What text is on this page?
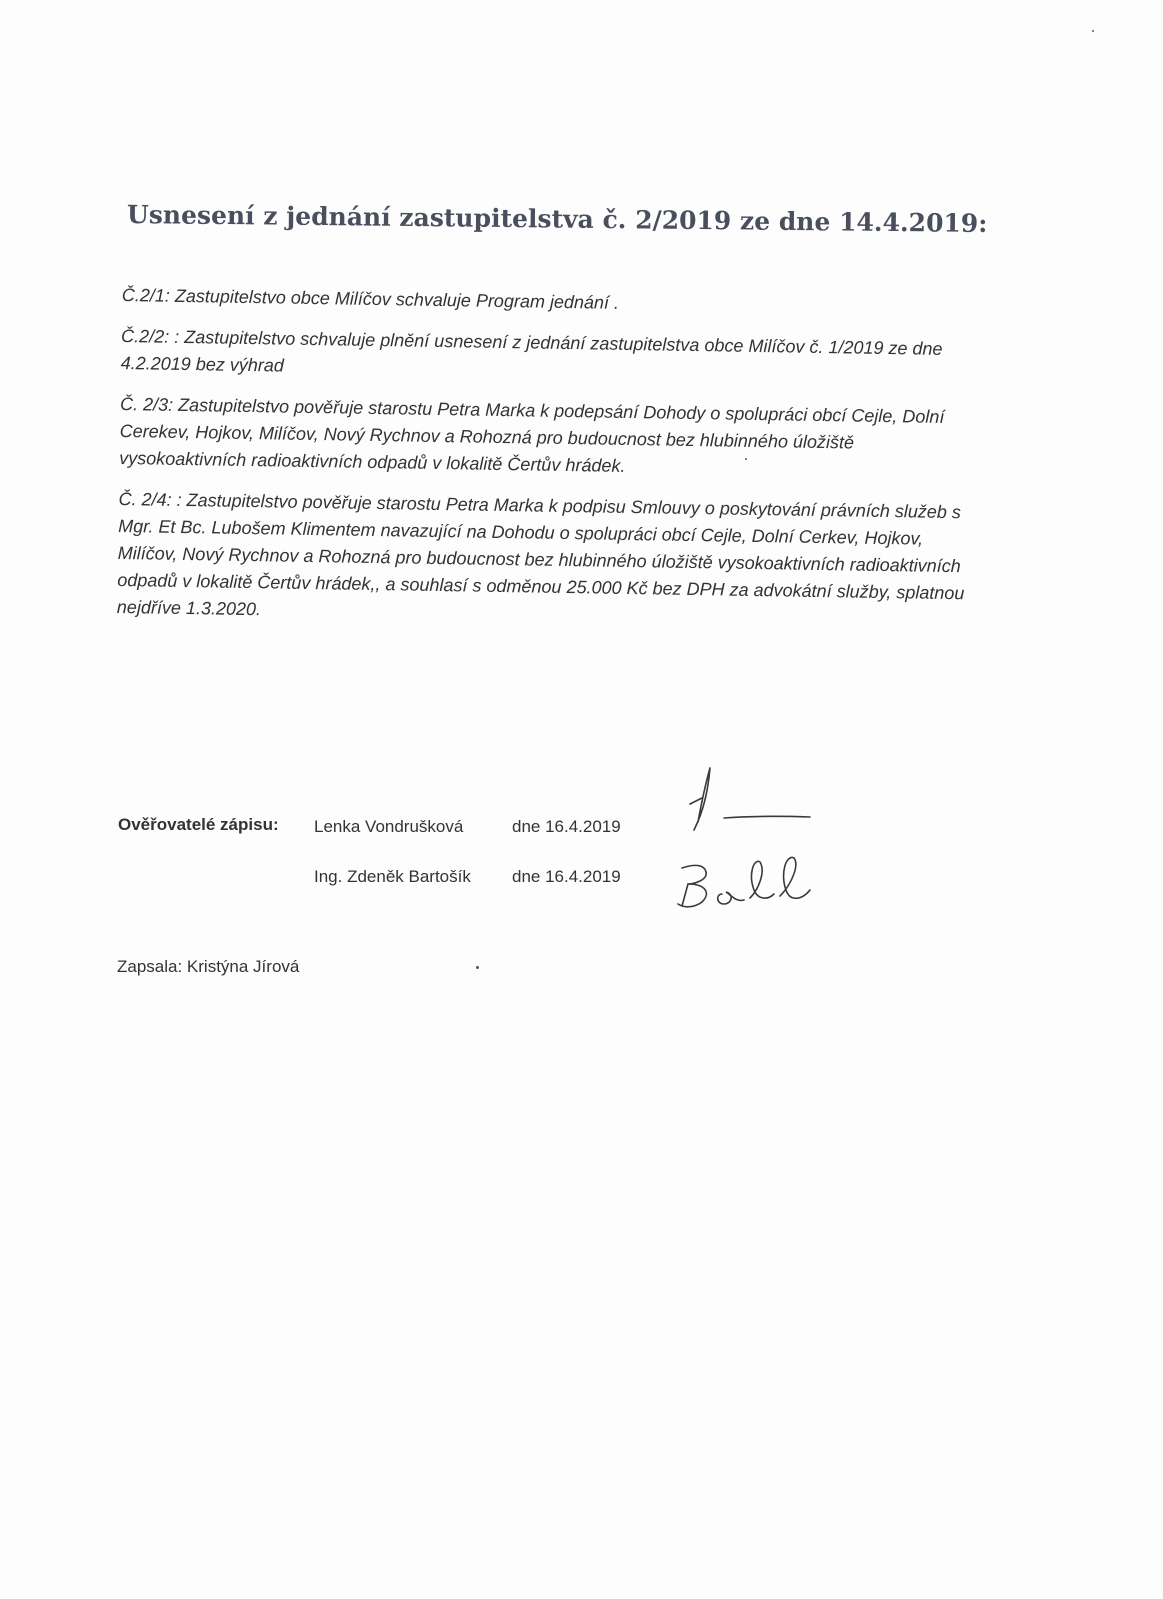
Usnesení z jednání zastupitelstva č. 2/2019 ze dne 14.4.2019:

Č.2/1: Zastupitelstvo obce Milíčov schvaluje Program jednání .

Č.2/2: : Zastupitelstvo schvaluje plnění usnesení z jednání zastupitelstva obce Milíčov č. 1/2019 ze dne 4.2.2019 bez výhrad

Č. 2/3: Zastupitelstvo pověřuje starostu Petra Marka k podepsání Dohody o spolupráci obcí Cejle, Dolní Cerekev, Hojkov, Milíčov, Nový Rychnov a Rohozná pro budoucnost bez hlubinného úložiště vysokoaktivních radioaktivních odpadů v lokalitě Čertův hrádek.

Č. 2/4: : Zastupitelstvo pověřuje starostu Petra Marka k podpisu Smlouvy o poskytování právních služeb s Mgr. Et Bc. Lubošem Klimentem navazující na Dohodu o spolupráci obcí Cejle, Dolní Cerkev, Hojkov, Milíčov, Nový Rychnov a Rohozná pro budoucnost bez hlubinného úložiště vysokoaktivních radioaktivních odpadů v lokalitě Čertův hrádek,, a souhlasí s odměnou 25.000 Kč bez DPH za advokátní služby, splatnou nejdříve 1.3.2020.

Ověřovatelé zápisu: Lenka Vondrušková	dne 16.4.2019
Ing. Zdeněk Bartošík dne 16.4.2019
Zapsala: Kristýna Jírová
